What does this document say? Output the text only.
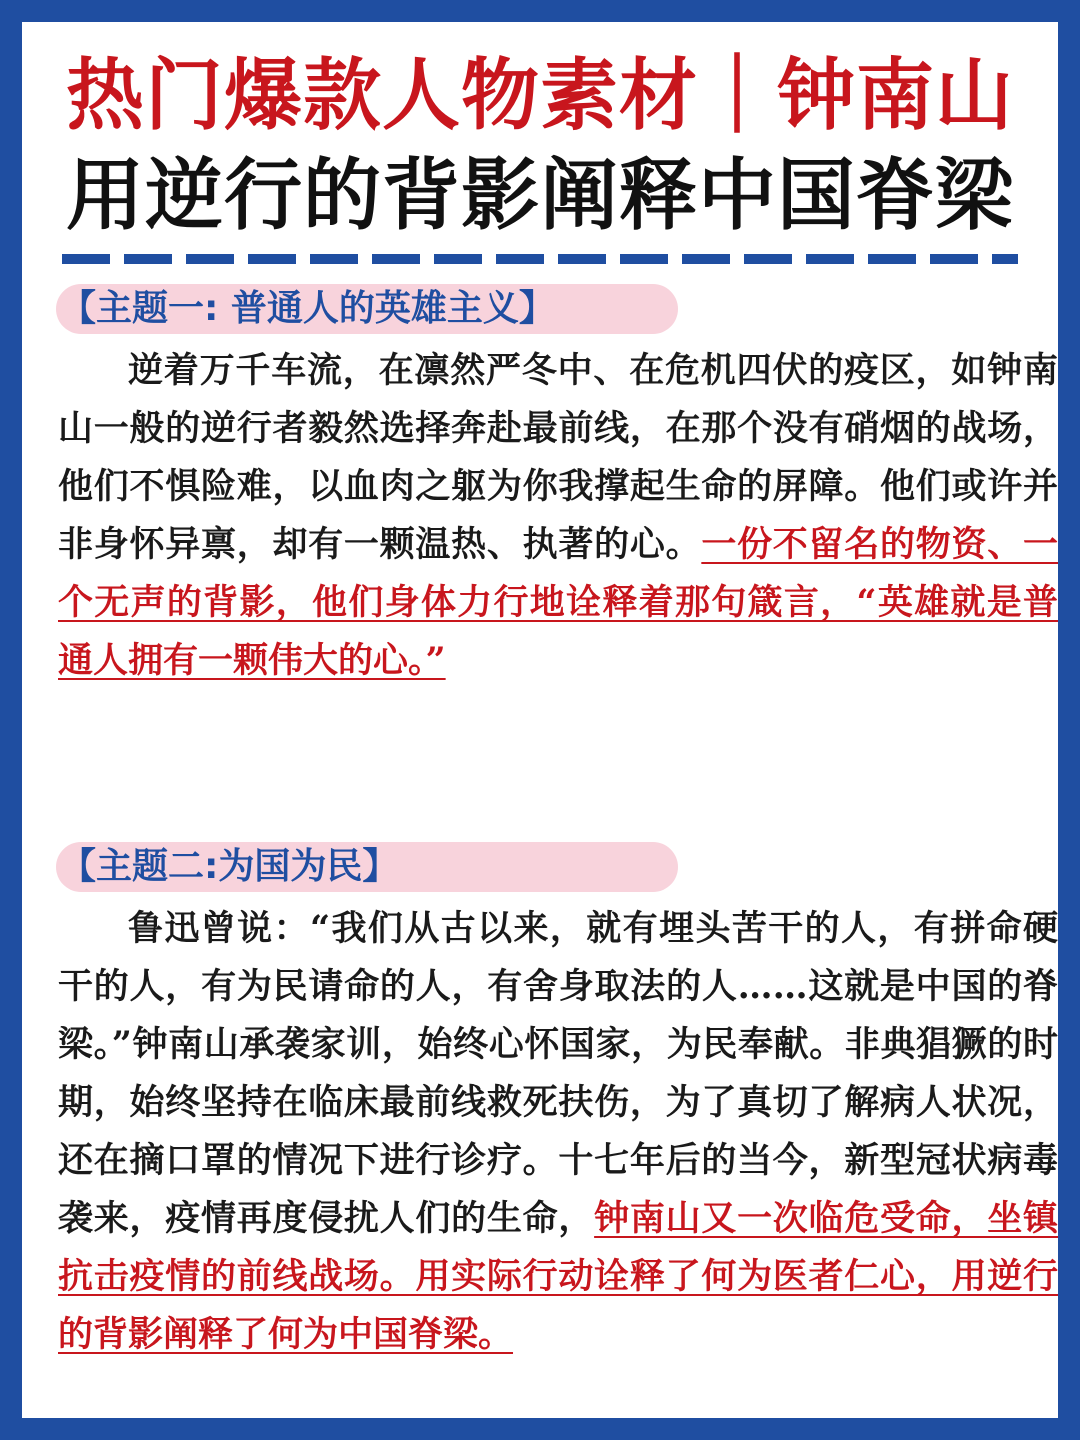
热门爆款人物素材｜钟南山
用逆行的背影阐释中国脊梁
【主题一: 普通人的英雄主义】
逆着万千车流，在凛然严冬中、在危机四伏的疫区，如钟南山一般的逆行者毅然选择奔赴最前线，在那个没有硝烟的战场，他们不惧险难，以血肉之躯为你我撑起生命的屏障。他们或许并非身怀异禀，却有一颗温热、执著的心。一份不留名的物资、一个无声的背影，他们身体力行地诠释着那句箴言，“英雄就是普通人拥有一颗伟大的心。”
【主题二:为国为民】
鲁迅曾说：“我们从古以来，就有埋头苦干的人，有拼命硬干的人，有为民请命的人，有舍身取法的人……这就是中国的脊梁。”钟南山承袭家训，始终心怀国家，为民奉献。非典猖獗的时期，始终坚持在临床最前线救死扶伤，为了真切了解病人状况，还在摘口罩的情况下进行诊疗。十七年后的当今，新型冠状病毒袭来，疫情再度侵扰人们的生命，钟南山又一次临危受命，坐镇抗击疫情的前线战场。用实际行动诠释了何为医者仁心，用逆行的背影阐释了何为中国脊梁。
